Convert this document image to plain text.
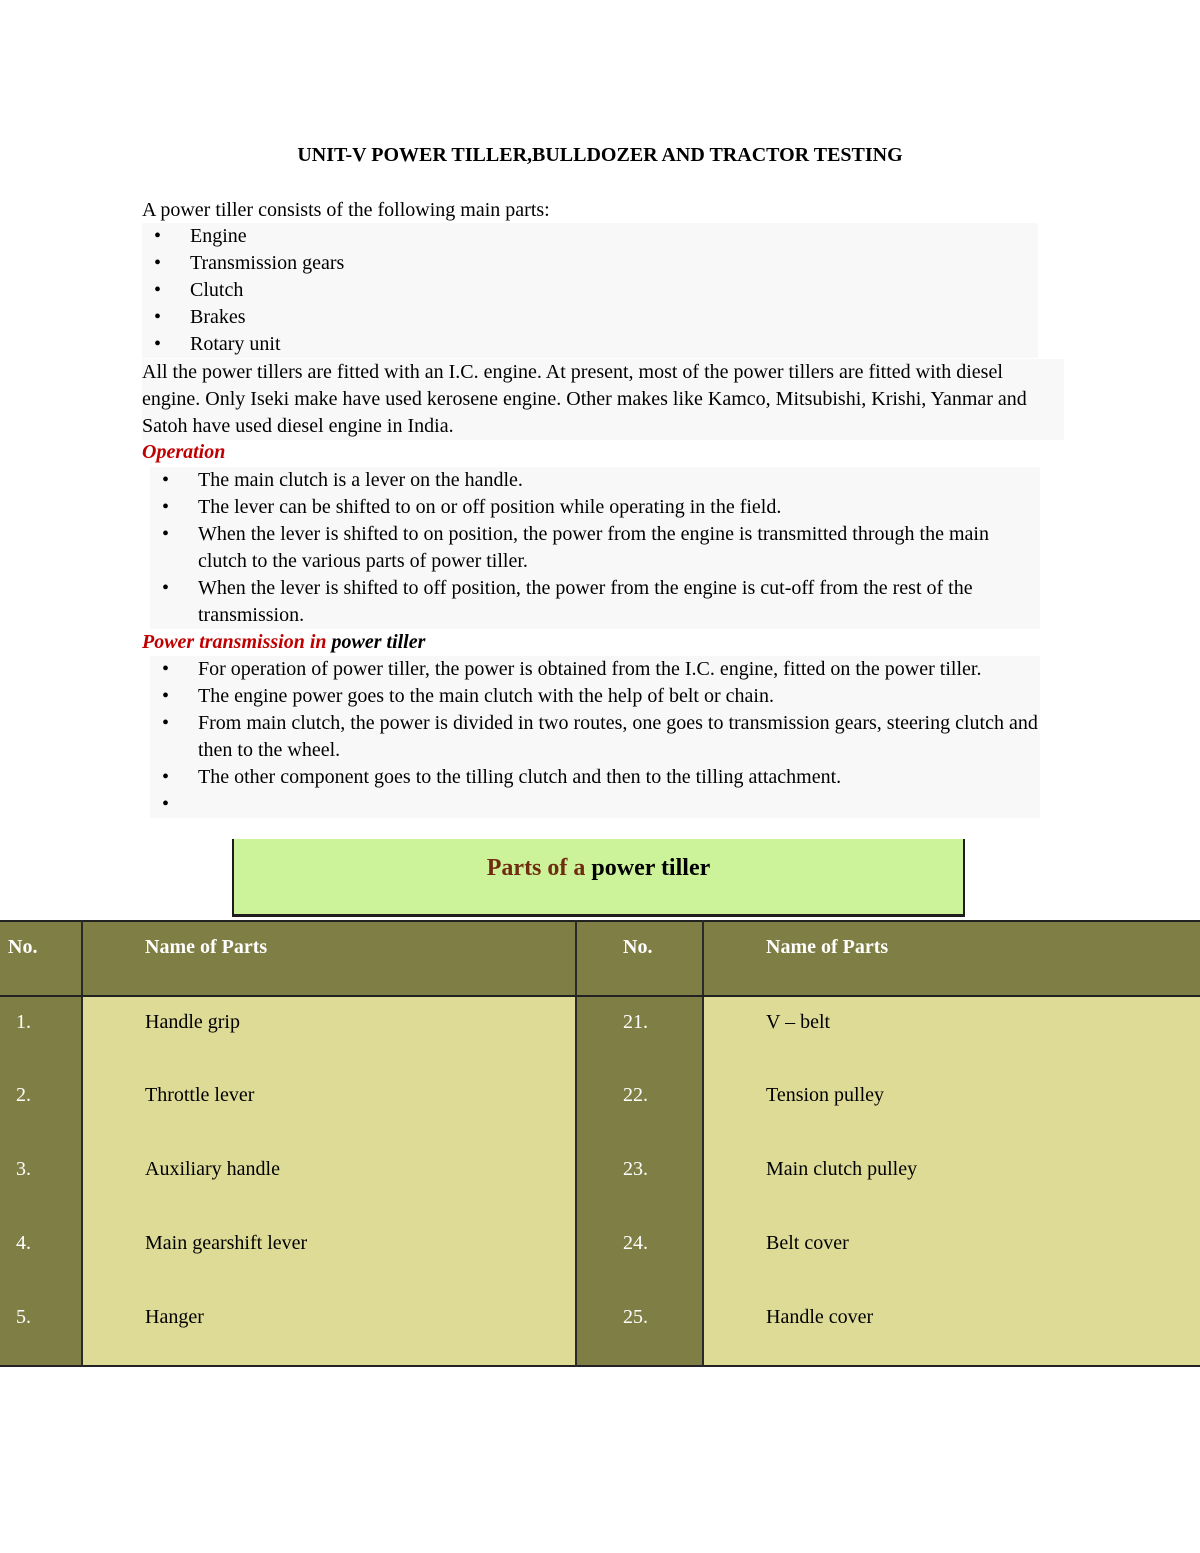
UNIT-V POWER TILLER,BULLDOZER AND TRACTOR TESTING
A power tiller consists of the following main parts:
• Engine
• Transmission gears
• Clutch
• Brakes
• Rotary unit
All the power tillers are fitted with an I.C. engine. At present, most of the power tillers are fitted with diesel engine. Only Iseki make have used kerosene engine. Other makes like Kamco, Mitsubishi, Krishi, Yanmar and Satoh have used diesel engine in India.
Operation
• The main clutch is a lever on the handle.
• The lever can be shifted to on or off position while operating in the field.
• When the lever is shifted to on position, the power from the engine is transmitted through the main clutch to the various parts of power tiller.
• When the lever is shifted to off position, the power from the engine is cut-off from the rest of the transmission.
Power transmission in power tiller
• For operation of power tiller, the power is obtained from the I.C. engine, fitted on the power tiller.
• The engine power goes to the main clutch with the help of belt or chain.
• From main clutch, the power is divided in two routes, one goes to transmission gears, steering clutch and then to the wheel.
• The other component goes to the tilling clutch and then to the tilling attachment.
•
Parts of a power tiller
No.	Name of Parts	No.	Name of Parts
1.	Handle grip	21.	V – belt
2.	Throttle lever	22.	Tension pulley
3.	Auxiliary handle	23.	Main clutch pulley
4.	Main gearshift lever	24.	Belt cover
5.	Hanger	25.	Handle cover
